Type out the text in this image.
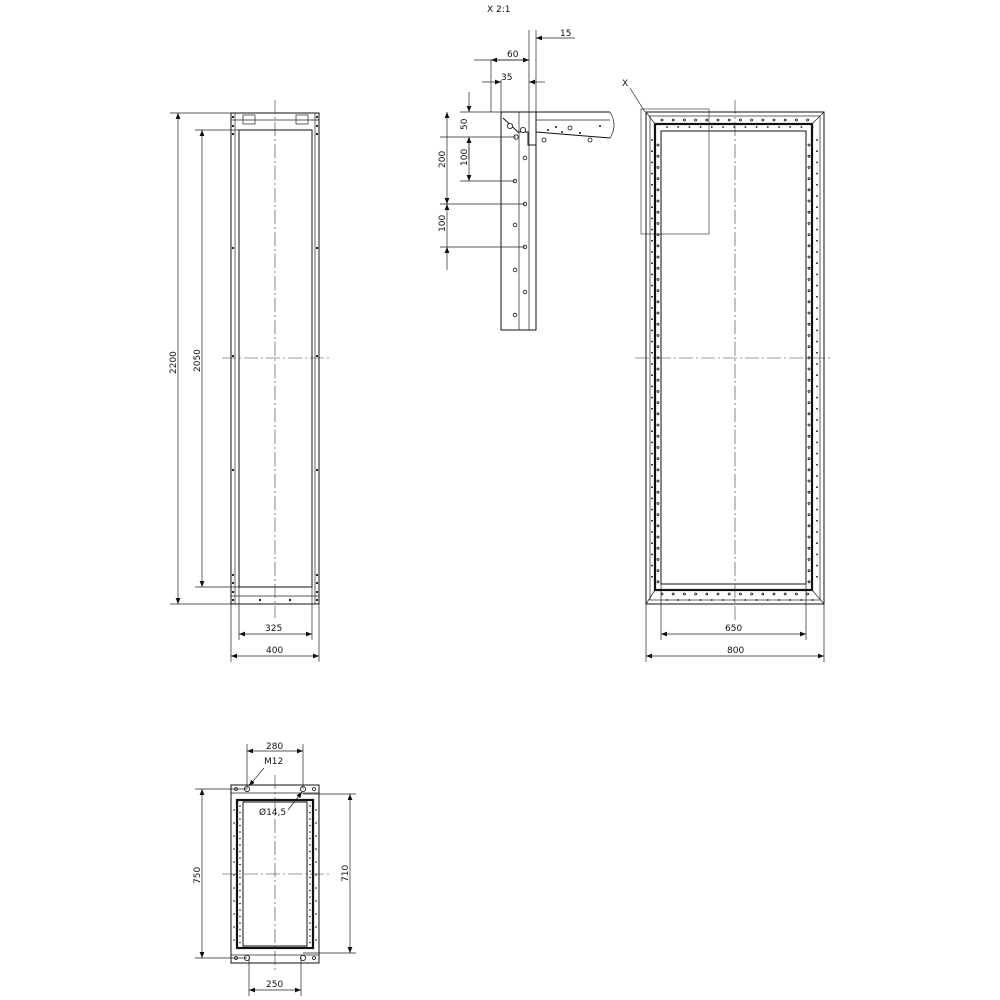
X 2:1
15
60
35
50
100
200
100
2200 2050
325
400
X
650
800
280
M12
Ø14,5
750	710
250
